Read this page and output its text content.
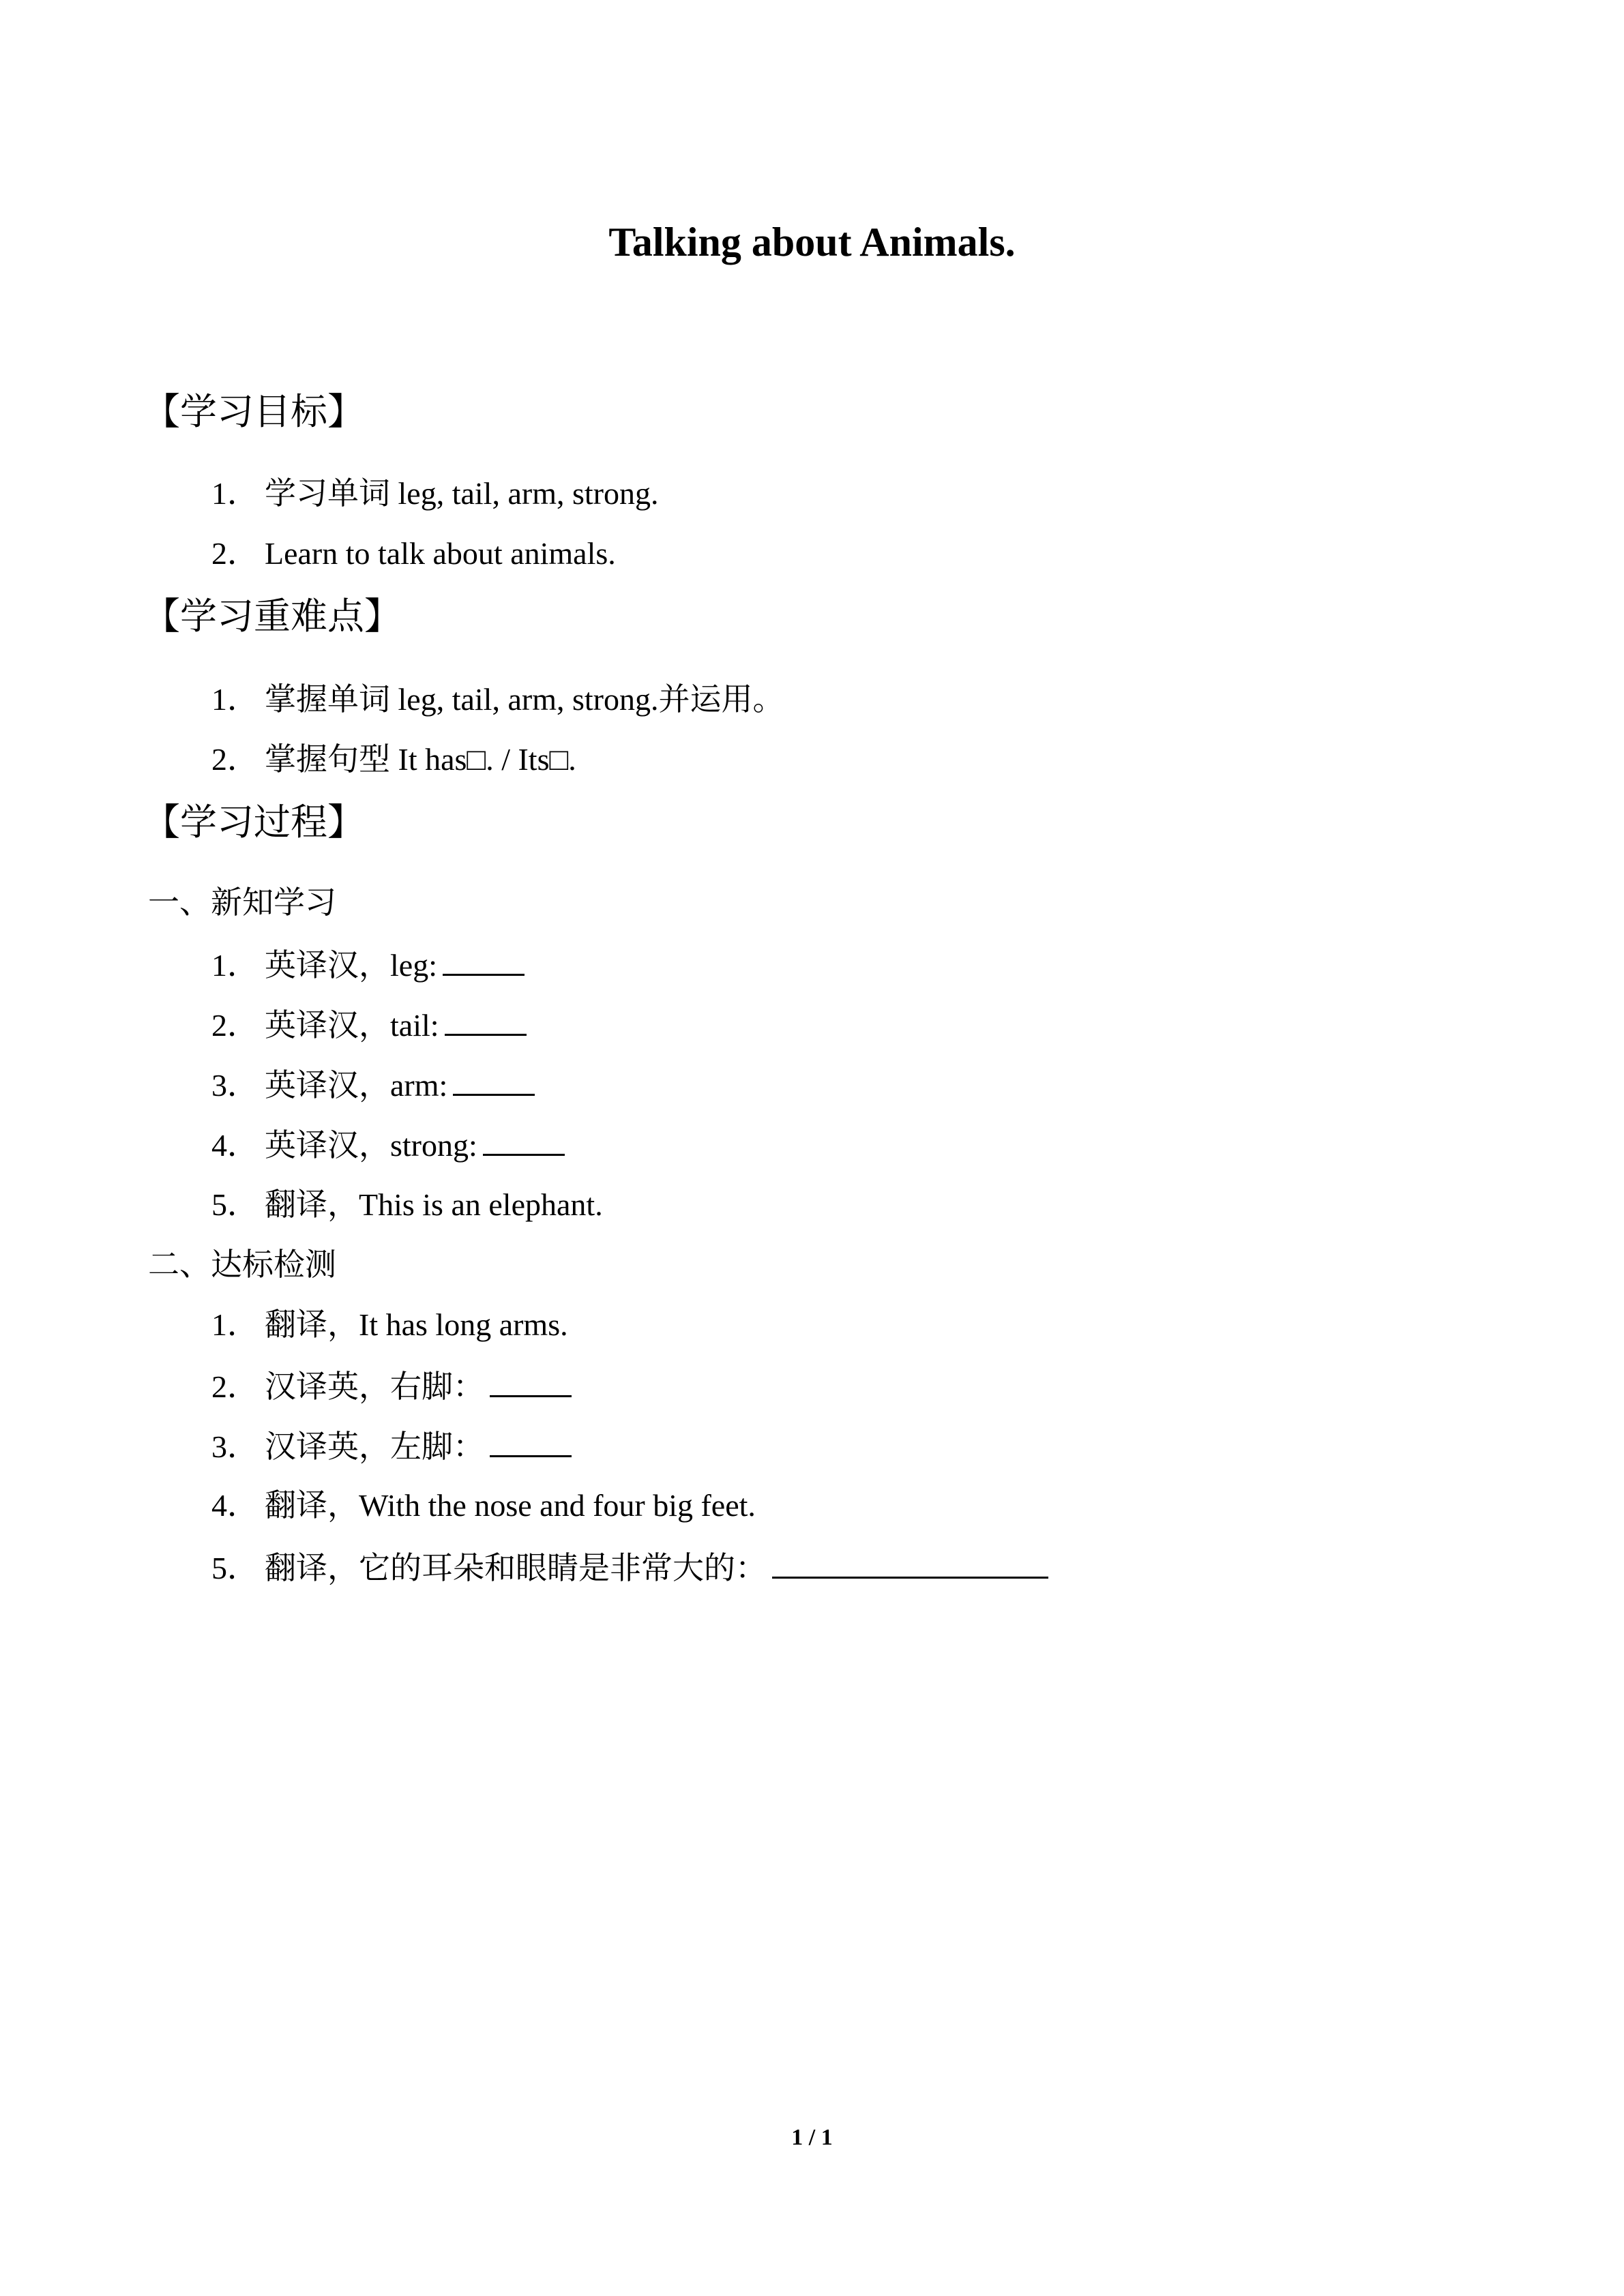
Talking about Animals.
【学习目标】
1． 学习单词 leg, tail, arm, strong.
2． Learn to talk about animals.
【学习重难点】
1． 掌握单词 leg, tail, arm, strong.并运用。
2． 掌握句型 It has□. / Its□.
【学习过程】
一、新知学习
1． 英译汉，leg:
2． 英译汉，tail:
3． 英译汉，arm:
4． 英译汉，strong:
5． 翻译，This is an elephant.
二、达标检测
1． 翻译，It has long arms.
2． 汉译英，右脚：
3． 汉译英，左脚：
4． 翻译，With the nose and four big feet.
5． 翻译，它的耳朵和眼睛是非常大的：
1 / 1
